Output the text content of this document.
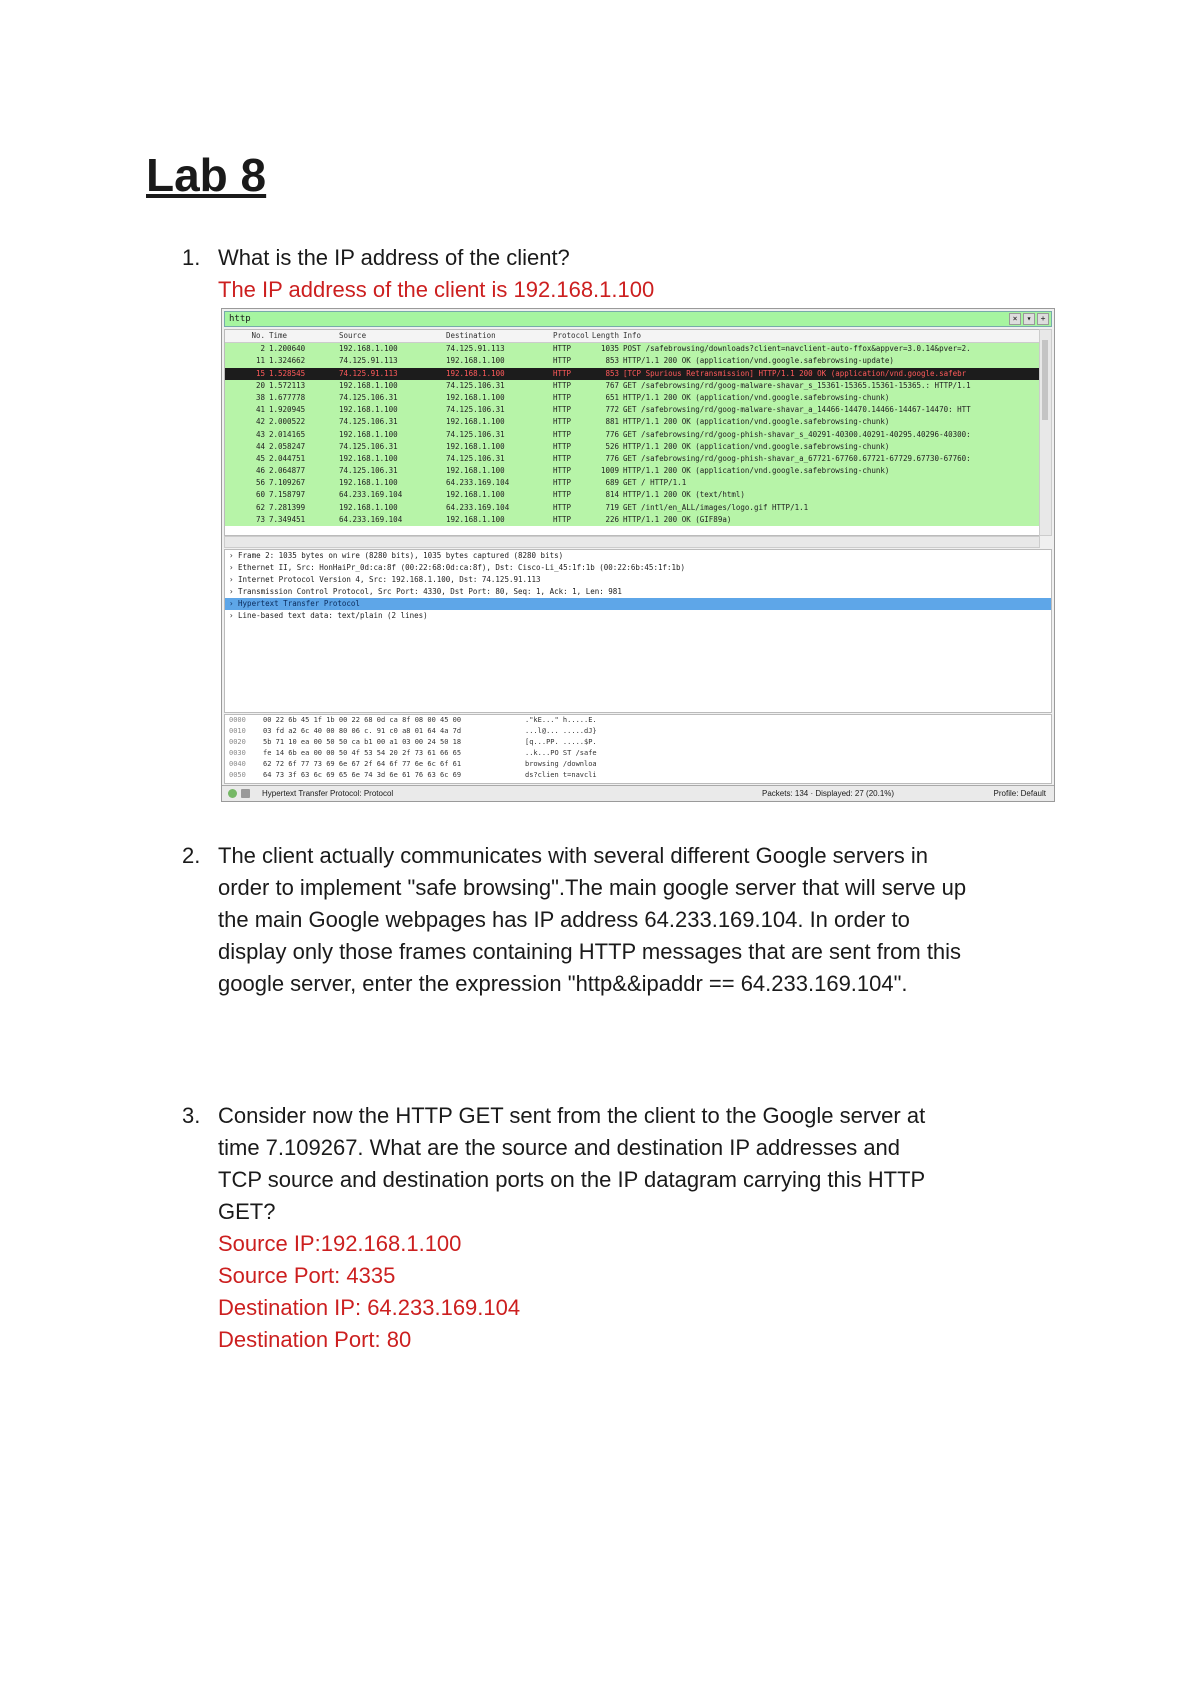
Lab 8
1. What is the IP address of the client?
The IP address of the client is 192.168.1.100
http	×	▾	+
No. Time	Source	Destination	Protocol Length Info
2 1.200640	192.168.1.100	74.125.91.113	HTTP	1035 POST /safebrowsing/downloads?client=navclient-auto-ffox&appver=3.0.14&pver=2.
11 1.324662	74.125.91.113	192.168.1.100	HTTP	853 HTTP/1.1 200 OK (application/vnd.google.safebrowsing-update)
15 1.528545	74.125.91.113	192.168.1.100	HTTP	853 [TCP Spurious Retransmission] HTTP/1.1 200 OK (application/vnd.google.safebr
20 1.572113	192.168.1.100	74.125.106.31	HTTP	767 GET /safebrowsing/rd/goog-malware-shavar_s_15361-15365.15361-15365.: HTTP/1.1
38 1.677778	74.125.106.31	192.168.1.100	HTTP	651 HTTP/1.1 200 OK (application/vnd.google.safebrowsing-chunk)
41 1.920945	192.168.1.100	74.125.106.31	HTTP	772 GET /safebrowsing/rd/goog-malware-shavar_a_14466-14470.14466-14467-14470: HTT
42 2.000522	74.125.106.31	192.168.1.100	HTTP	881 HTTP/1.1 200 OK (application/vnd.google.safebrowsing-chunk)
43 2.014165	192.168.1.100	74.125.106.31	HTTP	776 GET /safebrowsing/rd/goog-phish-shavar_s_40291-40300.40291-40295.40296-40300:
44 2.058247	74.125.106.31	192.168.1.100	HTTP	526 HTTP/1.1 200 OK (application/vnd.google.safebrowsing-chunk)
45 2.044751	192.168.1.100	74.125.106.31	HTTP	776 GET /safebrowsing/rd/goog-phish-shavar_a_67721-67760.67721-67729.67730-67760:
46 2.064877	74.125.106.31	192.168.1.100	HTTP	1009 HTTP/1.1 200 OK (application/vnd.google.safebrowsing-chunk)
56 7.109267	192.168.1.100	64.233.169.104	HTTP	689 GET / HTTP/1.1
60 7.158797	64.233.169.104	192.168.1.100	HTTP	814 HTTP/1.1 200 OK (text/html)
62 7.281399	192.168.1.100	64.233.169.104	HTTP	719 GET /intl/en_ALL/images/logo.gif HTTP/1.1
73 7.349451	64.233.169.104	192.168.1.100	HTTP	226 HTTP/1.1 200 OK (GIF89a)
› Frame 2: 1035 bytes on wire (8280 bits), 1035 bytes captured (8280 bits)
› Ethernet II, Src: HonHaiPr_0d:ca:8f (00:22:68:0d:ca:8f), Dst: Cisco-Li_45:1f:1b (00:22:6b:45:1f:1b)
› Internet Protocol Version 4, Src: 192.168.1.100, Dst: 74.125.91.113
› Transmission Control Protocol, Src Port: 4330, Dst Port: 80, Seq: 1, Ack: 1, Len: 981
› Hypertext Transfer Protocol
› Line-based text data: text/plain (2 lines)
0000	00 22 6b 45 1f 1b 00 22 68 0d ca 8f 08 00 45 00	."kE..." h.....E.
0010	03 fd a2 6c 40 00 80 06 c. 91 c0 a8 01 64 4a 7d	...l@... .....dJ}
0020	5b 71 10 ea 00 50 50 ca b1 00 a1 03 00 24 50 18	[q...PP. .....$P.
0030	fe 14 6b ea 00 00 50 4f 53 54 20 2f 73 61 66 65	..k...PO ST /safe
0040	62 72 6f 77 73 69 6e 67 2f 64 6f 77 6e 6c 6f 61	browsing /downloa
0050	64 73 3f 63 6c 69 65 6e 74 3d 6e 61 76 63 6c 69	ds?clien t=navcli
Hypertext Transfer Protocol: Protocol	Packets: 134 · Displayed: 27 (20.1%)	Profile: Default
2. The client actually communicates with several different Google servers in
order to implement "safe browsing".The main google server that will serve up
the main Google webpages has IP address 64.233.169.104. In order to
display only those frames containing HTTP messages that are sent from this
google server, enter the expression "http&&ipaddr == 64.233.169.104".
3. Consider now the HTTP GET sent from the client to the Google server at
time 7.109267. What are the source and destination IP addresses and
TCP source and destination ports on the IP datagram carrying this HTTP
GET?
Source IP:192.168.1.100
Source Port: 4335
Destination IP: 64.233.169.104
Destination Port: 80
